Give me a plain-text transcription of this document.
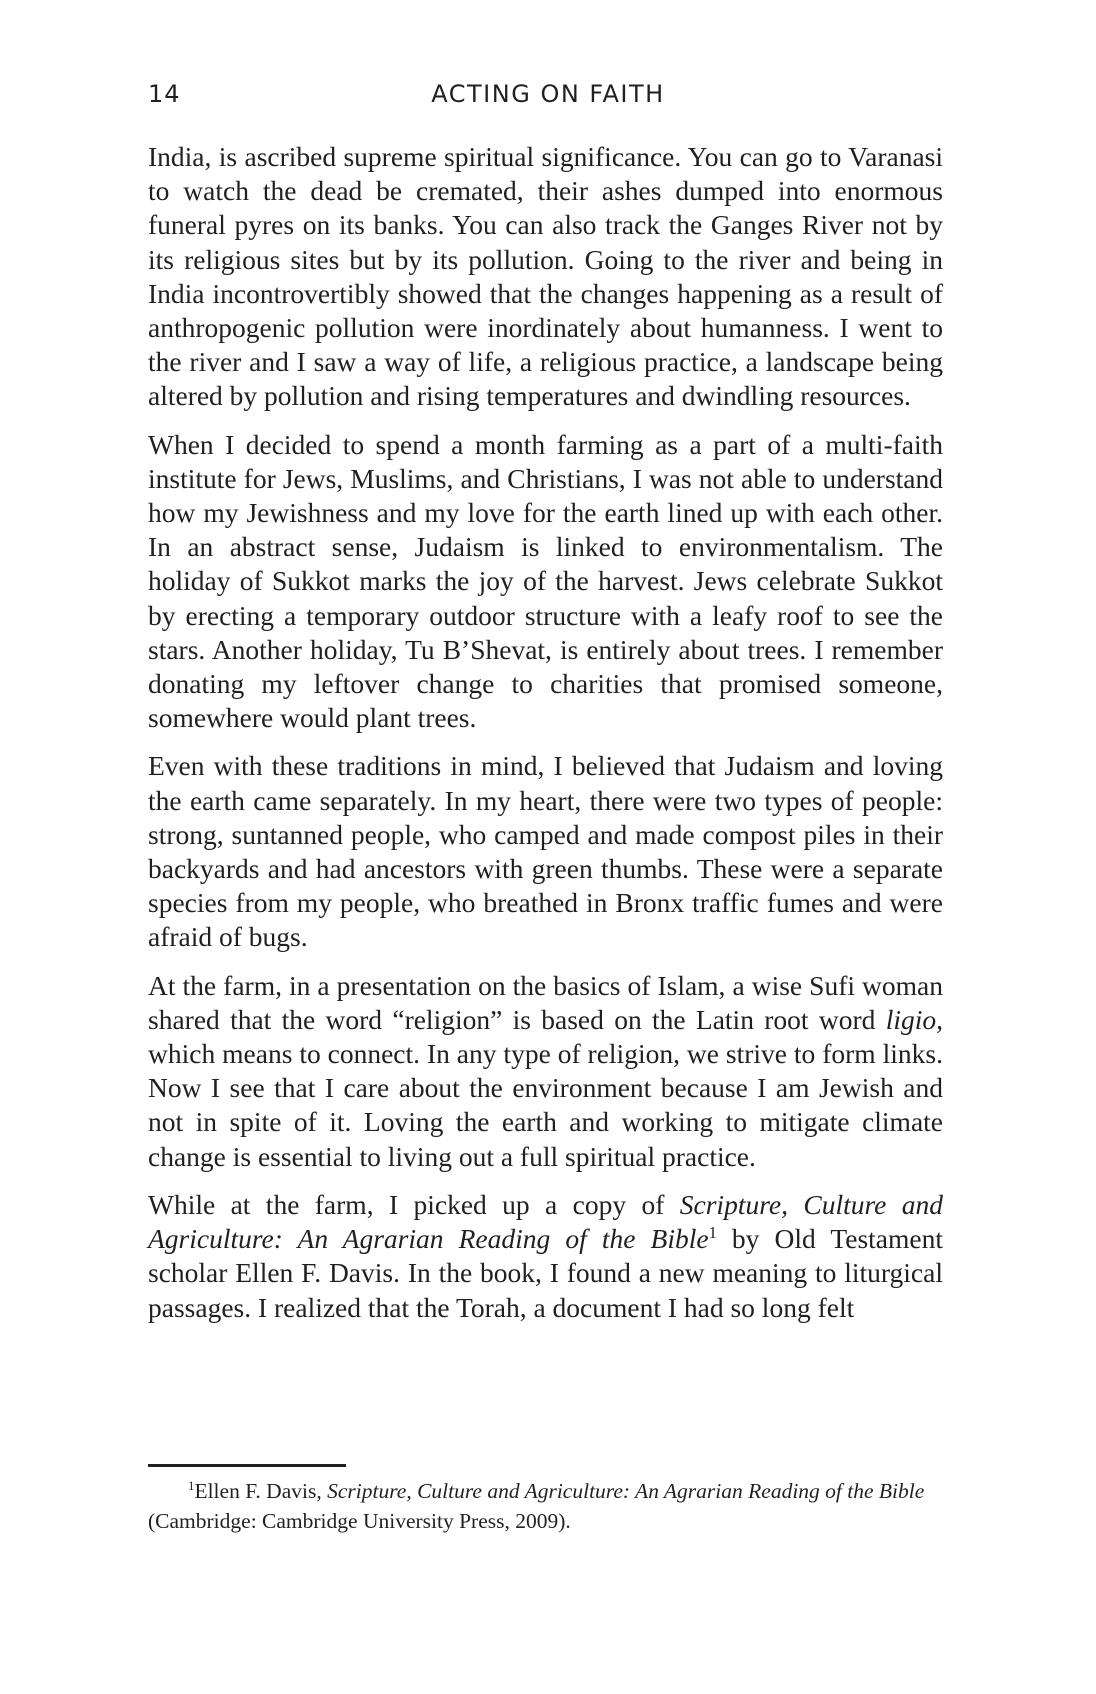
14	ACTING ON FAITH

India, is ascribed supreme spiritual significance. You can go to Varanasi to watch the dead be cremated, their ashes dumped into enormous funeral pyres on its banks. You can also track the Ganges River not by its religious sites but by its pollution. Going to the river and being in India incontrovertibly showed that the changes happening as a result of anthropogenic pollution were inordinately about humanness. I went to the river and I saw a way of life, a religious practice, a landscape being altered by pollution and rising temperatures and dwindling resources.

When I decided to spend a month farming as a part of a multi-faith institute for Jews, Muslims, and Christians, I was not able to understand how my Jewishness and my love for the earth lined up with each other. In an abstract sense, Judaism is linked to environmentalism. The holiday of Sukkot marks the joy of the harvest. Jews celebrate Sukkot by erecting a temporary outdoor structure with a leafy roof to see the stars. Another holiday, Tu B’Shevat, is entirely about trees. I remember donating my leftover change to charities that promised someone, somewhere would plant trees.

Even with these traditions in mind, I believed that Judaism and loving the earth came separately. In my heart, there were two types of people: strong, suntanned people, who camped and made compost piles in their backyards and had ancestors with green thumbs. These were a separate species from my people, who breathed in Bronx traffic fumes and were afraid of bugs.

At the farm, in a presentation on the basics of Islam, a wise Sufi woman shared that the word “religion” is based on the Latin root word ligio, which means to connect. In any type of religion, we strive to form links. Now I see that I care about the environment because I am Jewish and not in spite of it. Loving the earth and working to mitigate climate change is essential to living out a full spiritual practice.

While at the farm, I picked up a copy of Scripture, Culture and Agriculture: An Agrarian Reading of the Bible$^1$ by Old Testament scholar Ellen F. Davis. In the book, I found a new meaning to liturgical passages. I realized that the Torah, a document I had so long felt

$^1$Ellen F. Davis, Scripture, Culture and Agriculture: An Agrarian Reading of the Bible (Cambridge: Cambridge University Press, 2009).
